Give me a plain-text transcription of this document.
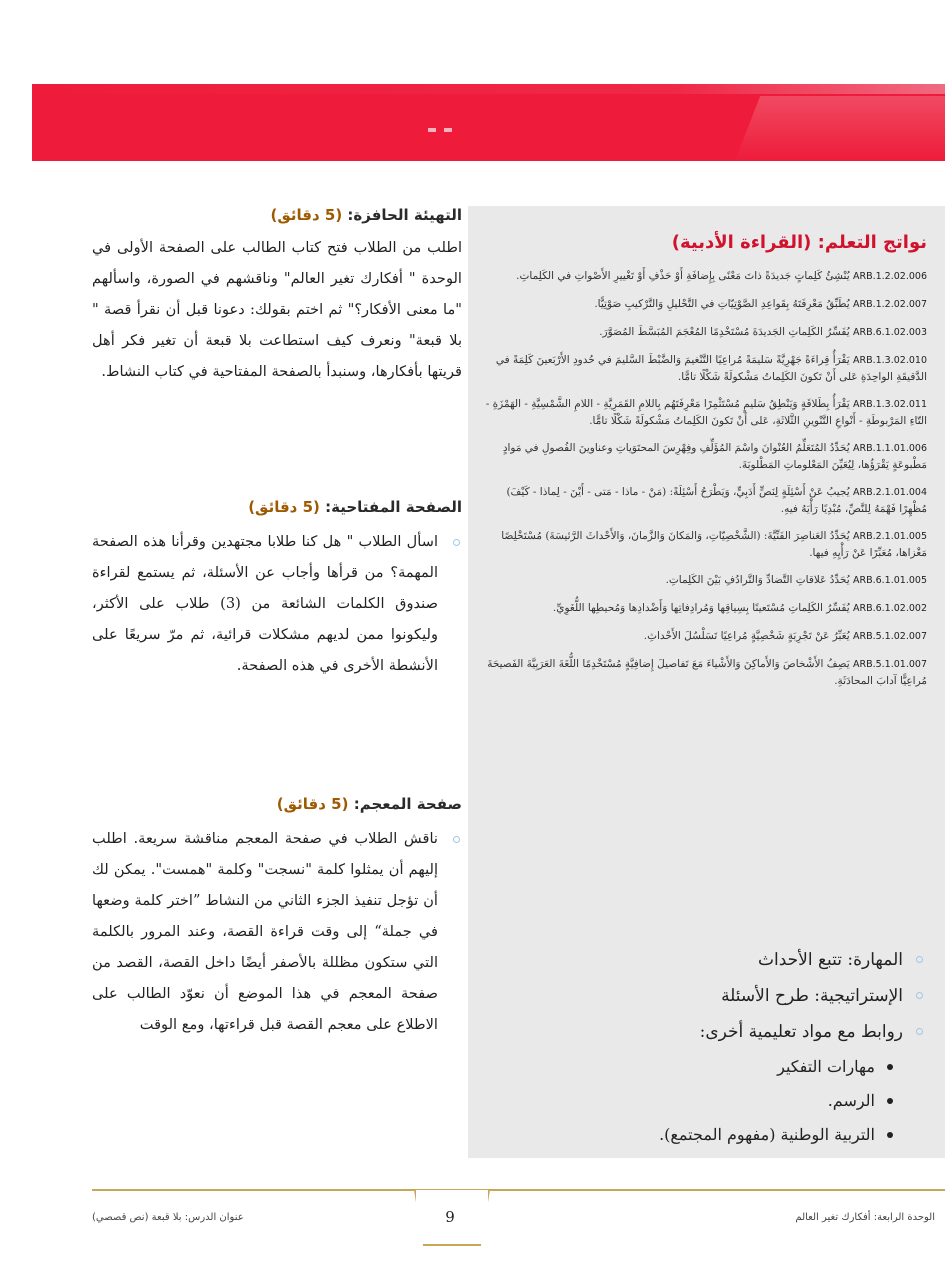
نواتج التعلم: (القراءة الأدبية)
ARB.1.2.02.006 يُنْشِئُ كَلِماتٍ جَديدَةً ذاتَ مَعْنًى بِإِضافَةِ أَوْ حَذْفِ أَوْ تَغْييرِ الأَصْواتِ في الكَلِماتِ.
ARB.1.2.02.007 يُطَبِّقُ مَعْرِفَتَهُ بِقَواعِدِ الصَّوْتِيّاتِ في التَّحْليلِ وَالتَّرْكيبِ صَوْتِيًّا.
ARB.6.1.02.003 يُفَسِّرُ الكَلِماتِ الجَديدَةَ مُسْتَخْدِمًا المُعْجَمَ المُبَسَّطَ المُصَوَّرَ.
ARB.1.3.02.010 يَقْرَأُ قِراءَةً جَهْرِيَّةً سَليمَةً مُراعِيًا التَّنْغيمَ وَالضَّبْطَ السَّليمَ في حُدودِ الأَرْبَعينَ كَلِمَةً في الدَّقيقَةِ الواحِدَةِ عَلى أَنْ تَكونَ الكَلِماتُ مَشْكولَةً شَكْلًا تامًّا.
ARB.1.3.02.011 يَقْرَأُ بِطَلاقَةٍ وَيَنْطِقُ سَليمٍ مُسْتَثْمِرًا مَعْرِفَتَهُم بِاللامِ القَمَرِيَّةِ - اللامِ الشَّمْسِيَّةِ - الهَمْزَةِ - التّاءِ المَرْبوطَةِ - أَنْواعِ التَّنْوينِ الثَّلاثَةِ، عَلى أَنْ تَكونَ الكَلِماتُ مَشْكولَةً شَكْلًا تامًّا.
ARB.1.1.01.006 يُحَدِّدُ المُتَعَلِّمُ العُنْوانَ واسْمَ المُؤَلِّفِ وفِهْرِسَ المحتَوَياتِ وعناوينَ الفُصولِ في مَوادٍ مَطْبوعَةٍ يَقْرَؤُها، لِيُعَيِّنَ المَعْلوماتِ المَطْلوبَةَ.
ARB.2.1.01.004 يُجيبُ عَنْ أَسْئِلَةٍ لِنَصٍّ أَدَبِيٍّ، وَيَطْرَحُ أَسْئِلَةً: (مَنْ - ماذا - مَتى - أَيْنَ - لِماذا - كَيْفَ) مُظْهِرًا فَهْمَهُ لِلنَّصِّ، مُبْدِيًا رَأْيَهُ فيهِ.
ARB.2.1.01.005 يُحَدِّدُ العَناصِرَ الفَنِّيَّةَ: (الشَّخْصِيّاتِ، وَالمَكانَ وَالزَّمانَ، وَالأَحْداثَ الرَّئيسَةَ) مُسْتَخْلِصًا مَغْزاها، مُعَبِّرًا عَنْ رَأْيِهِ فيها.
ARB.6.1.01.005 يُحَدِّدُ عَلاقاتِ التَّضادِّ وَالتَّرادُفِ بَيْنَ الكَلِماتِ.
ARB.6.1.02.002 يُفَسِّرُ الكَلِماتِ مُسْتَعينًا بِسِياقِها وَمُرادِفاتِها وَأَضْدادِها وَمُحيطِها اللُّغَوِيِّ.
ARB.5.1.02.007 يُعَبِّرُ عَنْ تَجْرِبَةٍ شَخْصِيَّةٍ مُراعِيًا تَسَلْسُلَ الأَحْداثِ.
ARB.5.1.01.007 يَصِفُ الأَشْخاصَ وَالأَماكِنَ وَالأَشْياءَ مَعَ تَفاصيلَ إِضافِيَّةٍ مُسْتَخْدِمًا اللُّغَةَ العَرَبِيَّةَ الفَصيحَةَ مُراعِيًّا آدابَ المحادَثَةِ.
المهارة: تتبع الأحداث
الإستراتيجية: طرح الأسئلة
روابط مع مواد تعليمية أخرى:
مهارات التفكير
الرسم.
التربية الوطنية (مفهوم المجتمع).
التهيئة الحافزة: (5 دقائق)
اطلب من الطلاب فتح كتاب الطالب على الصفحة الأولى في الوحدة " أفكارك تغير العالم" وناقشهم في الصورة، واسألهم "ما معنى الأفكار؟" ثم اختم بقولك: دعونا قبل أن نقرأ قصة " بلا قبعة" ونعرف كيف استطاعت بلا قبعة أن تغير فكر أهل قريتها بأفكارها، وسنبدأ بالصفحة المفتاحية في كتاب النشاط.
الصفحة المفتاحية: (5 دقائق)
اسأل الطلاب " هل كنا طلابا مجتهدين وقرأنا هذه الصفحة المهمة؟ من قرأها وأجاب عن الأسئلة، ثم يستمع لقراءة صندوق الكلمات الشائعة من (3) طلاب على الأكثر، وليكونوا ممن لديهم مشكلات قرائية، ثم مرّ سريعًا على الأنشطة الأخرى في هذه الصفحة.
صفحة المعجم: (5 دقائق)
ناقش الطلاب في صفحة المعجم مناقشة سريعة. اطلب إليهم أن يمثلوا كلمة "نسجت" وكلمة "همست". يمكن لك أن تؤجل تنفيذ الجزء الثاني من النشاط ”اختر كلمة وضعها في جملة“ إلى وقت قراءة القصة، وعند المرور بالكلمة التي ستكون مظللة بالأصفر أيضًا داخل القصة، القصد من صفحة المعجم في هذا الموضع أن نعوّد الطالب على الاطلاع على معجم القصة قبل قراءتها، ومع الوقت
9	الوحدة الرابعة: أفكارك تغير العالم
عنوان الدرس: بلا قبعة (نص قصصي)
